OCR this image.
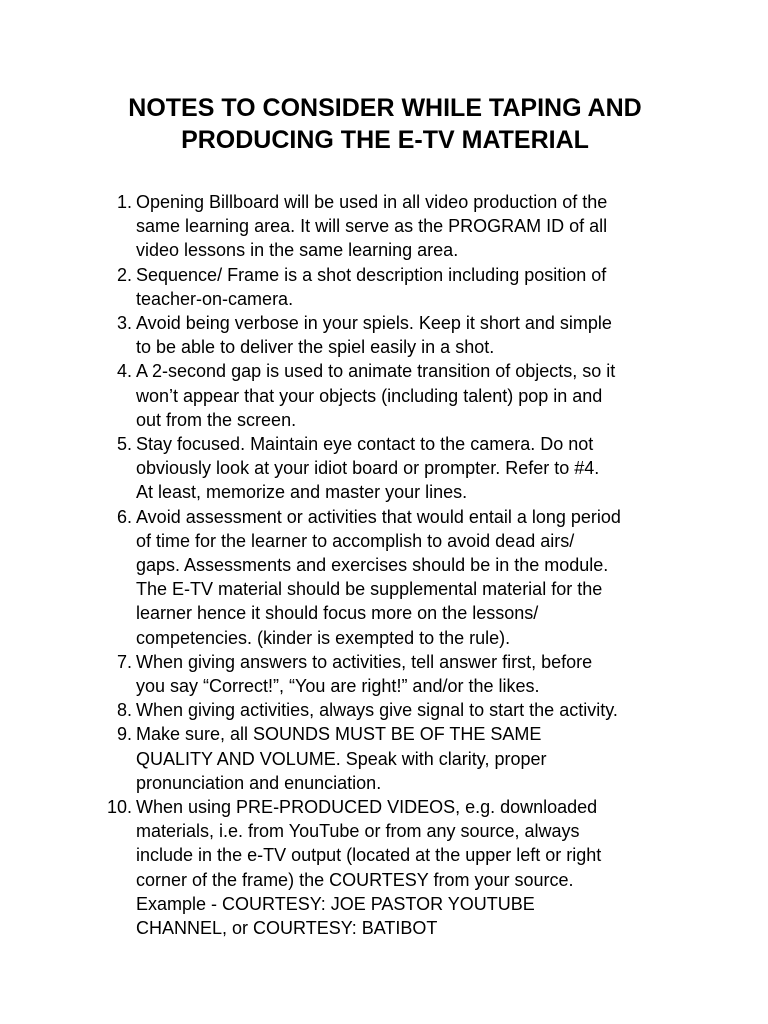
NOTES TO CONSIDER WHILE TAPING AND
PRODUCING THE E-TV MATERIAL
1. Opening Billboard will be used in all video production of the
same learning area. It will serve as the PROGRAM ID of all
video lessons in the same learning area.
2. Sequence/ Frame is a shot description including position of
teacher-on-camera.
3. Avoid being verbose in your spiels. Keep it short and simple
to be able to deliver the spiel easily in a shot.
4. A 2-second gap is used to animate transition of objects, so it
won’t appear that your objects (including talent) pop in and
out from the screen.
5. Stay focused. Maintain eye contact to the camera. Do not
obviously look at your idiot board or prompter. Refer to #4.
At least, memorize and master your lines.
6. Avoid assessment or activities that would entail a long period
of time for the learner to accomplish to avoid dead airs/
gaps. Assessments and exercises should be in the module.
The E-TV material should be supplemental material for the
learner hence it should focus more on the lessons/
competencies. (kinder is exempted to the rule).
7. When giving answers to activities, tell answer first, before
you say “Correct!”, “You are right!” and/or the likes.
8. When giving activities, always give signal to start the activity.
9. Make sure, all SOUNDS MUST BE OF THE SAME
QUALITY AND VOLUME. Speak with clarity, proper
pronunciation and enunciation.
10. When using PRE-PRODUCED VIDEOS, e.g. downloaded
materials, i.e. from YouTube or from any source, always
include in the e-TV output (located at the upper left or right
corner of the frame) the COURTESY from your source.
Example - COURTESY: JOE PASTOR YOUTUBE
CHANNEL, or COURTESY: BATIBOT
